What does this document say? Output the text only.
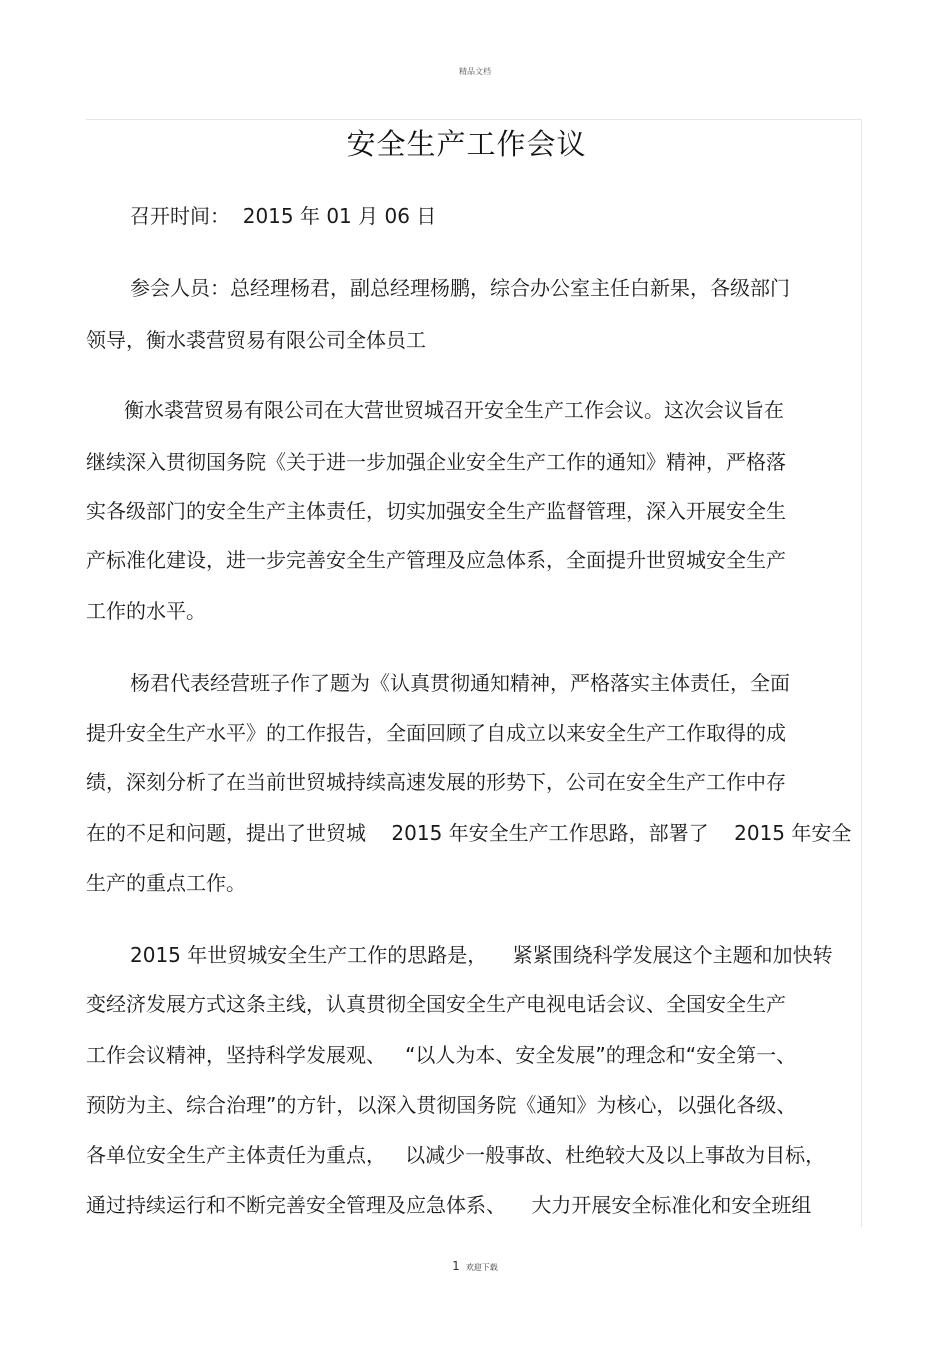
精品文档
安全生产工作会议
召开时间：  2015 年 01 月 06 日
参会人员：总经理杨君，副总经理杨鹏，综合办公室主任白新果，各级部门
领导，衡水裘营贸易有限公司全体员工
衡水裘营贸易有限公司在大营世贸城召开安全生产工作会议。这次会议旨在
继续深入贯彻国务院《关于进一步加强企业安全生产工作的通知》精神，严格落
实各级部门的安全生产主体责任，切实加强安全生产监督管理，深入开展安全生
产标准化建设，进一步完善安全生产管理及应急体系，全面提升世贸城安全生产
工作的水平。
杨君代表经营班子作了题为《认真贯彻通知精神，严格落实主体责任，全面
提升安全生产水平》的工作报告，全面回顾了自成立以来安全生产工作取得的成
绩，深刻分析了在当前世贸城持续高速发展的形势下，公司在安全生产工作中存
在的不足和问题，提出了世贸城    2015 年安全生产工作思路，部署了    2015 年安全
生产的重点工作。
2015 年世贸城安全生产工作的思路是，    紧紧围绕科学发展这个主题和加快转
变经济发展方式这条主线，认真贯彻全国安全生产电视电话会议、全国安全生产
工作会议精神，坚持科学发展观、   “以人为本、安全发展”的理念和“安全第一、
预防为主、综合治理”的方针，以深入贯彻国务院《通知》为核心，以强化各级、
各单位安全生产主体责任为重点，   以减少一般事故、杜绝较大及以上事故为目标，
通过持续运行和不断完善安全管理及应急体系、    大力开展安全标准化和安全班组
1 欢迎下载
